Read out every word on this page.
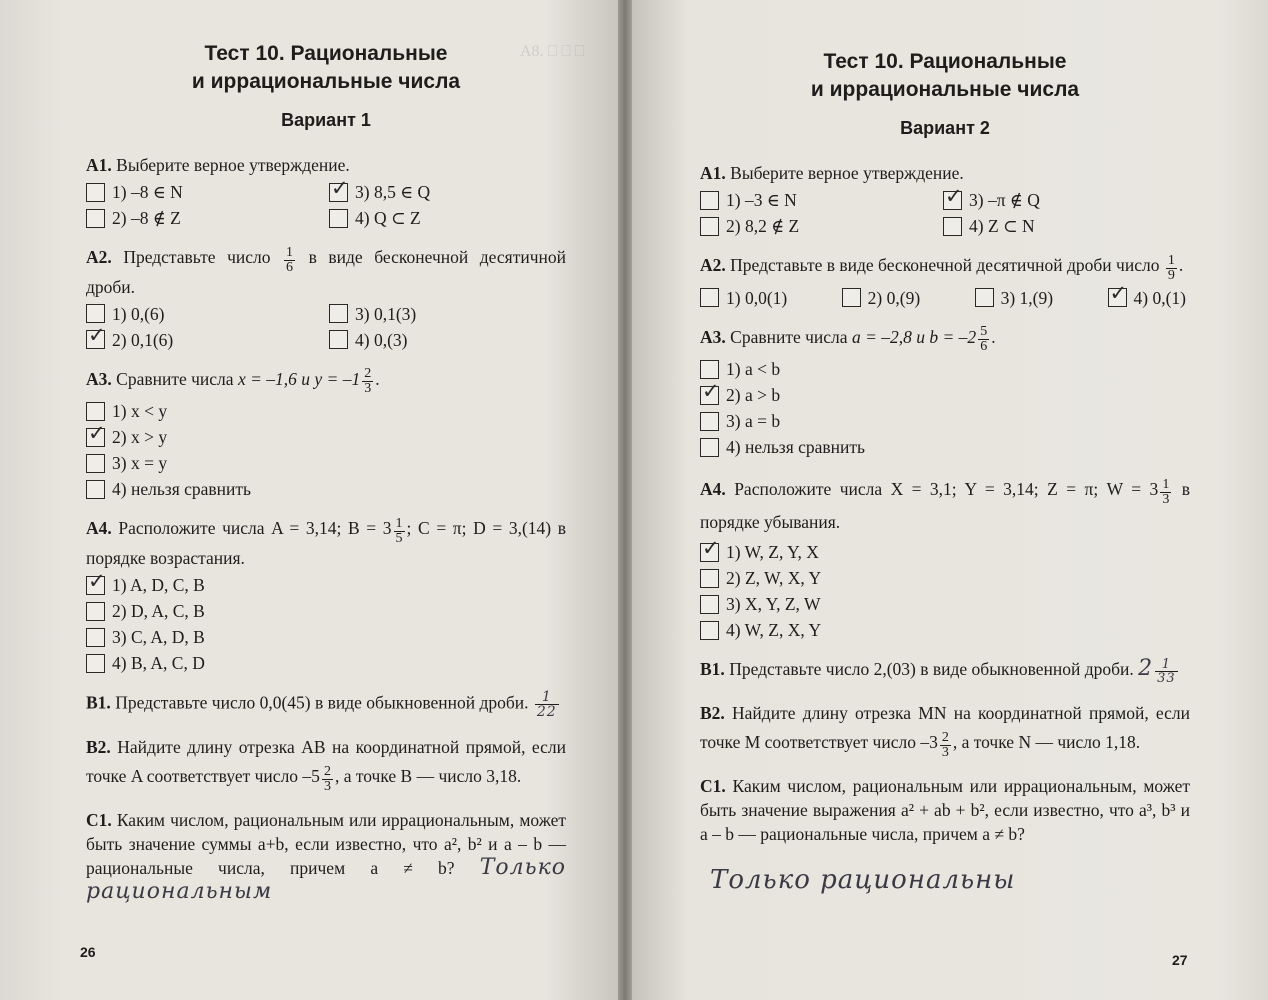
А8. ⎕ ⎕ ⎕
Тест 10. Рациональные
и иррациональные числа
Вариант 1
А1. Выберите верное утверждение.
1) –8 ∈ N ✓	3) 8,5 ∈ Q
2) –8 ∉ Z	4) Q ⊂ Z
А2. Представьте число $\frac{1}{6}$ в виде бесконечной десятичной дроби.
1) 0,(6)	3) 0,1(3)
✓
2) 0,1(6)	4) 0,(3)
А3. Сравните числа x = –1,6 и $y = -1 \frac{2}{3}$ .
1) x < y
✓
2) x > y
3) x = y
4) нельзя сравнить
А4. Расположите числа A = 3,14; $B = 3 \frac{1}{5}$ ; C = π; D = 3,(14) в порядке возрастания.
✓
1) A, D, C, B
2) D, A, C, B
3) C, A, D, B
4) B, A, C, D
В1. Представьте число 0,0(45) в виде обыкновенной дроби. $\frac{1}{22}$
В2. Найдите длину отрезка AB на координатной прямой, если точке A соответствует число $-5 \frac{2}{3}$ , а точке B — число 3,18.
С1. Каким числом, рациональным или иррациональным, может быть значение суммы a+b, если известно, что a², b² и a – b — рациональные числа, причем a ≠ b? Только рациональным
26
Тест 10. Рациональные
и иррациональные числа
Вариант 2
А1. Выберите верное утверждение.
1) –3 ∈ N ✓	3) –π ∉ Q
2) 8,2 ∉ Z	4) Z ⊂ N
А2. Представьте в виде бесконечной десятичной дроби число $\frac{1}{9}$ .
1) 0,0(1)	2) 0,(9)	3) 1,(9) ✓	4) 0,(1)
А3. Сравните числа a = –2,8 и $b = -2 \frac{5}{6}$ .
1) a < b
✓
2) a > b
3) a = b
4) нельзя сравнить
А4. Расположите числа X = 3,1; Y = 3,14; Z = π; $W = 3 \frac{1}{3}$ в порядке убывания.
✓
1) W, Z, Y, X
2) Z, W, X, Y
3) X, Y, Z, W
4) W, Z, X, Y
В1. Представьте число 2,(03) в виде обыкновенной дроби. $2 \frac{1}{33}$
В2. Найдите длину отрезка MN на координатной прямой, если точке M соответствует число $-3 \frac{2}{3}$ , а точке N — число 1,18.
С1. Каким числом, рациональным или иррациональным, может быть значение выражения a² + ab + b², если известно, что a³, b³ и a – b — рациональные числа, причем a ≠ b?
Только рациональны
27
